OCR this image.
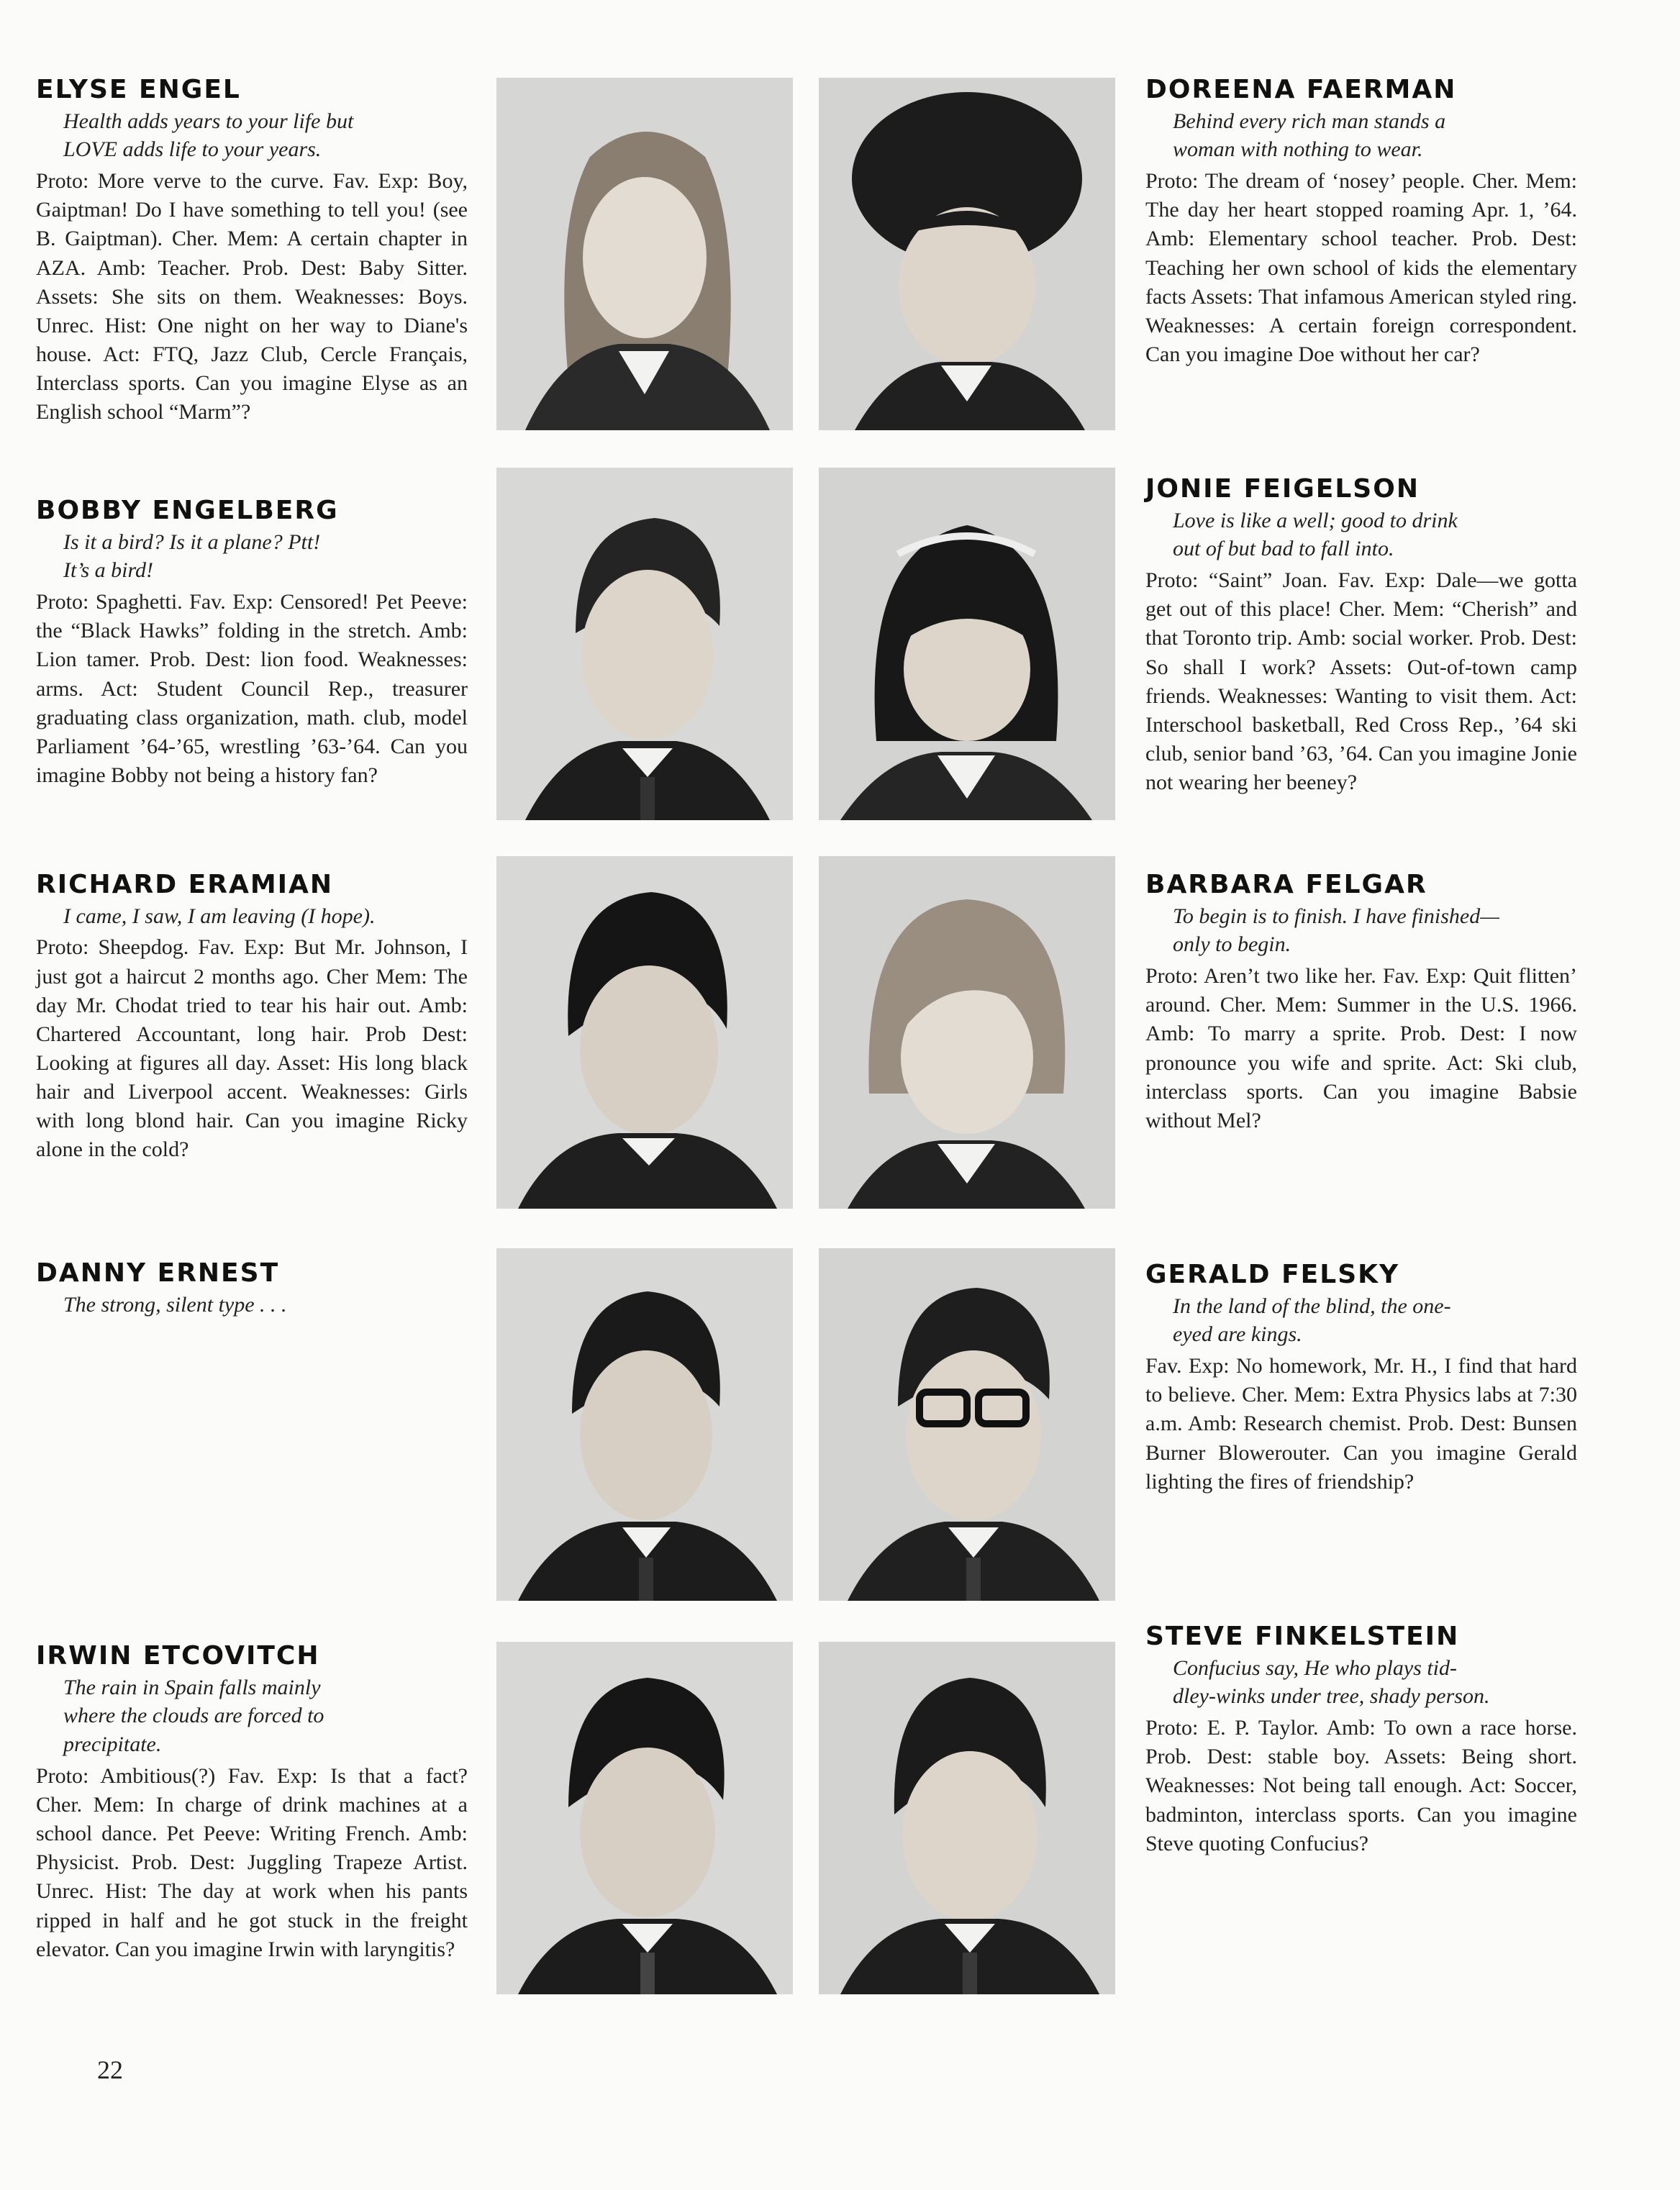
ELYSE ENGEL
Health adds years to your life but
LOVE adds life to your years.
Proto: More verve to the curve. Fav. Exp: Boy, Gaiptman! Do I have something to tell you! (see B. Gaiptman). Cher. Mem: A certain chapter in AZA. Amb: Teacher. Prob. Dest: Baby Sitter. Assets: She sits on them. Weaknesses: Boys. Unrec. Hist: One night on her way to Diane's house. Act: FTQ, Jazz Club, Cercle Français, Interclass sports. Can you imagine Elyse as an English school “Marm”?
DOREENA FAERMAN
Behind every rich man stands a
woman with nothing to wear.
Proto: The dream of ‘nosey’ people. Cher. Mem: The day her heart stopped roaming Apr. 1, ’64. Amb: Elementary school teacher. Prob. Dest: Teaching her own school of kids the elementary facts Assets: That infamous American styled ring. Weaknesses: A certain foreign correspondent. Can you imagine Doe without her car?
BOBBY ENGELBERG
Is it a bird? Is it a plane? Ptt!
It’s a bird!
Proto: Spaghetti. Fav. Exp: Censored! Pet Peeve: the “Black Hawks” folding in the stretch. Amb: Lion tamer. Prob. Dest: lion food. Weaknesses: arms. Act: Student Council Rep., treasurer graduating class organization, math. club, model Parliament ’64-’65, wrestling ’63-’64. Can you imagine Bobby not being a history fan?
JONIE FEIGELSON
Love is like a well; good to drink
out of but bad to fall into.
Proto: “Saint” Joan. Fav. Exp: Dale—we gotta get out of this place! Cher. Mem: “Cherish” and that Toronto trip. Amb: social worker. Prob. Dest: So shall I work? Assets: Out-of-town camp friends. Weaknesses: Wanting to visit them. Act: Interschool basketball, Red Cross Rep., ’64 ski club, senior band ’63, ’64. Can you imagine Jonie not wearing her beeney?
RICHARD ERAMIAN
I came, I saw, I am leaving (I hope).
Proto: Sheepdog. Fav. Exp: But Mr. Johnson, I just got a haircut 2 months ago. Cher Mem: The day Mr. Chodat tried to tear his hair out. Amb: Chartered Accountant, long hair. Prob Dest: Looking at figures all day. Asset: His long black hair and Liverpool accent. Weaknesses: Girls with long blond hair. Can you imagine Ricky alone in the cold?
BARBARA FELGAR
To begin is to finish. I have finished—
only to begin.
Proto: Aren’t two like her. Fav. Exp: Quit flitten’ around. Cher. Mem: Summer in the U.S. 1966. Amb: To marry a sprite. Prob. Dest: I now pronounce you wife and sprite. Act: Ski club, interclass sports. Can you imagine Babsie without Mel?
DANNY ERNEST
The strong, silent type . . .
GERALD FELSKY
In the land of the blind, the one-
eyed are kings.
Fav. Exp: No homework, Mr. H., I find that hard to believe. Cher. Mem: Extra Physics labs at 7:30 a.m. Amb: Research chemist. Prob. Dest: Bunsen Burner Blowerouter. Can you imagine Gerald lighting the fires of friendship?
IRWIN ETCOVITCH
The rain in Spain falls mainly
where the clouds are forced to
precipitate.
Proto: Ambitious(?) Fav. Exp: Is that a fact? Cher. Mem: In charge of drink machines at a school dance. Pet Peeve: Writing French. Amb: Physicist. Prob. Dest: Juggling Trapeze Artist. Unrec. Hist: The day at work when his pants ripped in half and he got stuck in the freight elevator. Can you imagine Irwin with laryngitis?
STEVE FINKELSTEIN
Confucius say, He who plays tid-
dley-winks under tree, shady person.
Proto: E. P. Taylor. Amb: To own a race horse. Prob. Dest: stable boy. Assets: Being short. Weaknesses: Not being tall enough. Act: Soccer, badminton, interclass sports. Can you imagine Steve quoting Confucius?
22
